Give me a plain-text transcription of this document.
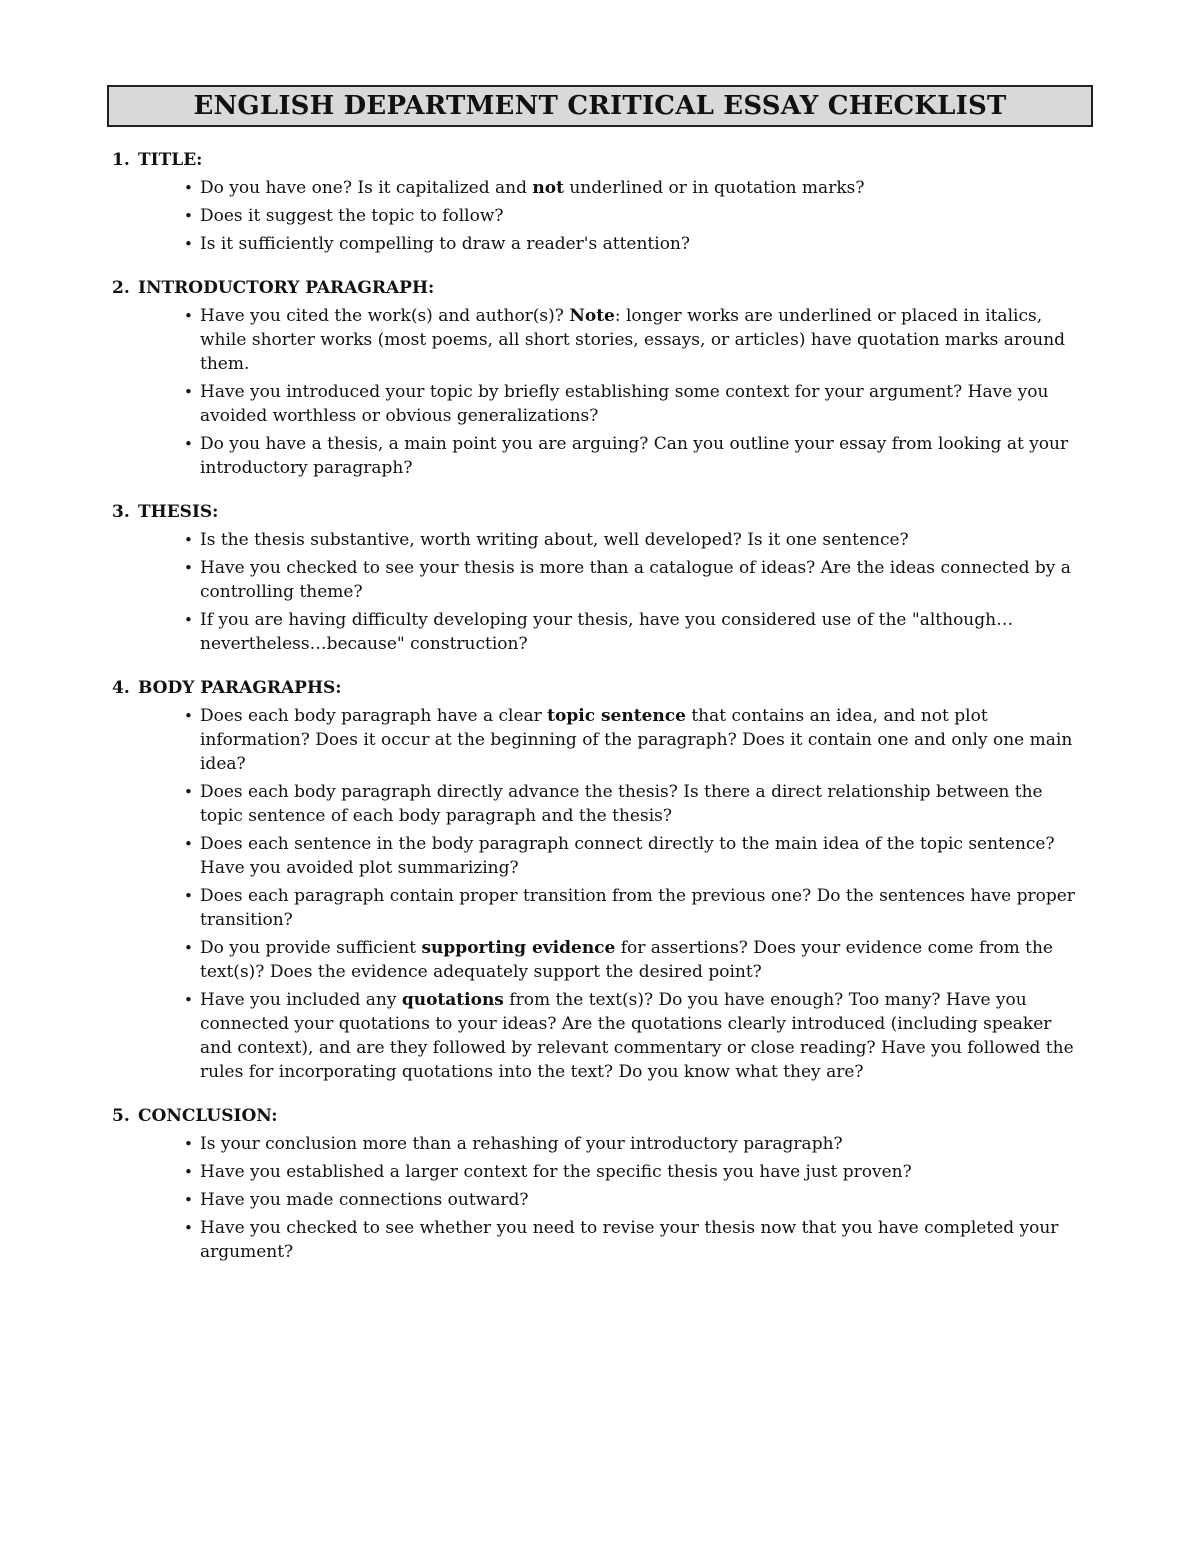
ENGLISH DEPARTMENT CRITICAL ESSAY CHECKLIST
1. TITLE:
• Do you have one? Is it capitalized and not underlined or in quotation marks?
• Does it suggest the topic to follow?
• Is it sufficiently compelling to draw a reader's attention?
2. INTRODUCTORY PARAGRAPH:
• Have you cited the work(s) and author(s)? Note: longer works are underlined or placed in italics, while shorter works (most poems, all short stories, essays, or articles) have quotation marks around them.
• Have you introduced your topic by briefly establishing some context for your argument? Have you avoided worthless or obvious generalizations?
• Do you have a thesis, a main point you are arguing? Can you outline your essay from looking at your introductory paragraph?
3. THESIS:
• Is the thesis substantive, worth writing about, well developed? Is it one sentence?
• Have you checked to see your thesis is more than a catalogue of ideas? Are the ideas connected by a controlling theme?
• If you are having difficulty developing your thesis, have you considered use of the "although…nevertheless…because" construction?
4. BODY PARAGRAPHS:
• Does each body paragraph have a clear topic sentence that contains an idea, and not plot information? Does it occur at the beginning of the paragraph? Does it contain one and only one main idea?
• Does each body paragraph directly advance the thesis? Is there a direct relationship between the topic sentence of each body paragraph and the thesis?
• Does each sentence in the body paragraph connect directly to the main idea of the topic sentence? Have you avoided plot summarizing?
• Does each paragraph contain proper transition from the previous one? Do the sentences have proper transition?
• Do you provide sufficient supporting evidence for assertions? Does your evidence come from the text(s)? Does the evidence adequately support the desired point?
• Have you included any quotations from the text(s)? Do you have enough? Too many? Have you connected your quotations to your ideas? Are the quotations clearly introduced (including speaker and context), and are they followed by relevant commentary or close reading? Have you followed the rules for incorporating quotations into the text? Do you know what they are?
5. CONCLUSION:
• Is your conclusion more than a rehashing of your introductory paragraph?
• Have you established a larger context for the specific thesis you have just proven?
• Have you made connections outward?
• Have you checked to see whether you need to revise your thesis now that you have completed your argument?
